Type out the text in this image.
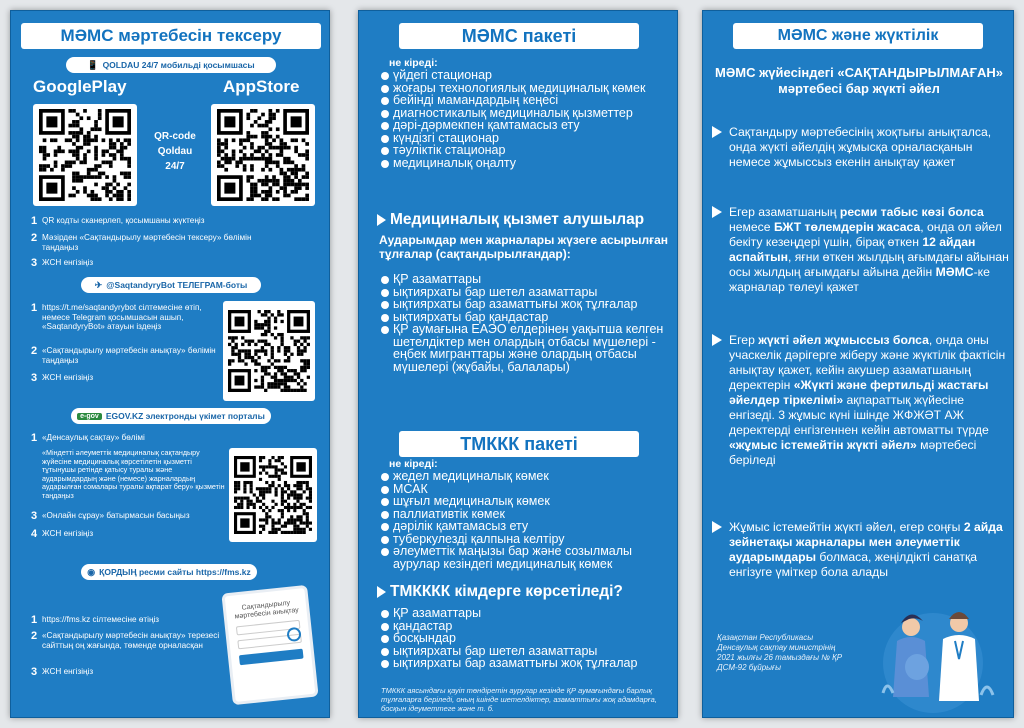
МӘМС мәртебесін тексеру
📱 QOLDAU 24/7 мобильді қосымшасы
GooglePlay	AppStore
QR-code
Qoldau
24/7
1 QR кодты сканерлеп, қосымшаны жүктеңіз
2 Мәзірден «Сақтандырылу мәртебесін тексеру» бөлімін таңдаңыз
3 ЖСН енгізіңіз
✈ @SaqtandyrуBot ТЕЛЕГРАМ-боты
1 https://t.me/saqtandyrybot сілтемесіне өтіп, немесе Telegram қосымшасын ашып, «SaqtandyrуBot» атауын іздеңіз
2 «Сақтандырылу мәртебесін анықтау» бөлімін таңдаңыз
3 ЖСН енгізіңіз
e-gov EGOV.KZ электронды үкімет порталы
1 «Денсаулық сақтау» бөлімі
«Міндетті әлеуметтік медициналық сақтандыру жүйесіне медициналық көрсетілетін қызметті тұтынушы ретінде қатысу туралы және аударымдардың және (немесе) жарналардың аударылған сомалары туралы ақпарат беру» қызметін таңдаңыз
3 «Онлайн сұрау» батырмасын басыңыз
4 ЖСН енгізіңіз
◉ ҚОРДЫҢ ресми сайты https://fms.kz
1 https://fms.kz сілтемесіне өтіңіз
2 «Сақтандырылу мәртебесін анықтау» терезесі сайттың оң жағында, төменде орналасқан
3 ЖСН енгізіңіз
Сақтандырылу мәртебесін анықтау
МӘМС пакеті
не кіреді:
үйдегі стационар
жоғары технологиялық медициналық көмек
бейінді мамандардың кеңесі
диагностикалық медициналық қызметтер
дәрі-дәрмекпен қамтамасыз ету
күндізгі стационар
тәуліктік стационар
медициналық оңалту
Медициналық қызмет алушылар
Аударымдар мен жарналары жүзеге асырылған тұлғалар (сақтандырылғандар):
ҚР азаматтары
ықтиярхаты бар шетел азаматтары
ықтиярхаты бар азаматтығы жоқ тұлғалар
ықтиярхаты бар қандастар
ҚР аумағына ЕАЭО елдерінен уақытша келген шетелдіктер мен олардың отбасы мүшелері - еңбек мигранттары және олардың отбасы мүшелері (жұбайы, балалары)
ТМККК пакеті
не кіреді:
жедел медициналық көмек
МСАК
шұғыл медициналық көмек
паллиативтік көмек
дәрілік қамтамасыз ету
туберкулезді қалпына келтіру
әлеуметтік маңызы бар және созылмалы аурулар кезіндегі медициналық көмек
ТМКККК кімдерге көрсетіледі?
ҚР азаматтары
қандастар
босқындар
ықтиярхаты бар шетел азаматтары
ықтиярхаты бар азаматтығы жоқ тұлғалар
ТМККК аясындағы қауіп төндіретін аурулар кезінде ҚР аумағындағы барлық тұлғаларға беріледі, оның ішінде шетелдіктер, азаматтығы жоқ адамдарға, босқын ідеуметтеге және т. б.
МӘМС және жүктілік
МӘМС жүйесіндегі «САҚТАНДЫРЫЛМАҒАН» мәртебесі бар жүкті әйел
Сақтандыру мәртебесінің жоқтығы анықталса, онда жүкті әйелдің жұмысқа орналасқанын немесе жұмыссыз екенін анықтау қажет
Егер азаматшаның ресми табыс көзі болса немесе БЖТ төлемдерін жасаса, онда ол әйел бекіту кезеңдері үшін, бірақ өткен 12 айдан аспайтын, яғни өткен жылдың ағымдағы айынан осы жылдың ағымдағы айына дейін МӘМС-ке жарналар төлеуі қажет
Егер жүкті әйел жұмыссыз болса, онда оны учаскелік дәрігерге жіберу және жүктілік фактісін анықтау қажет, кейін акушер азаматшаның деректерін «Жүкті және фертильді жастағы әйелдер тіркелімі» ақпараттық жүйесіне енгізеді. 3 жұмыс күні ішінде ЖФЖӘТ АЖ деректерді енгізгеннен кейін автоматты түрде «жұмыс істемейтін жүкті әйел» мәртебесі беріледі
Жұмыс істемейтін жүкті әйел, егер соңғы 2 айда зейнетақы жарналары мен әлеуметтік аударымдары болмаса, жеңілдікті санатқа енгізуге үміткер бола алады
Қазақстан Республикасы Денсаулық сақтау министрінің 2021 жылғы 26 тамыздағы № ҚР ДСМ-92 бұйрығы
